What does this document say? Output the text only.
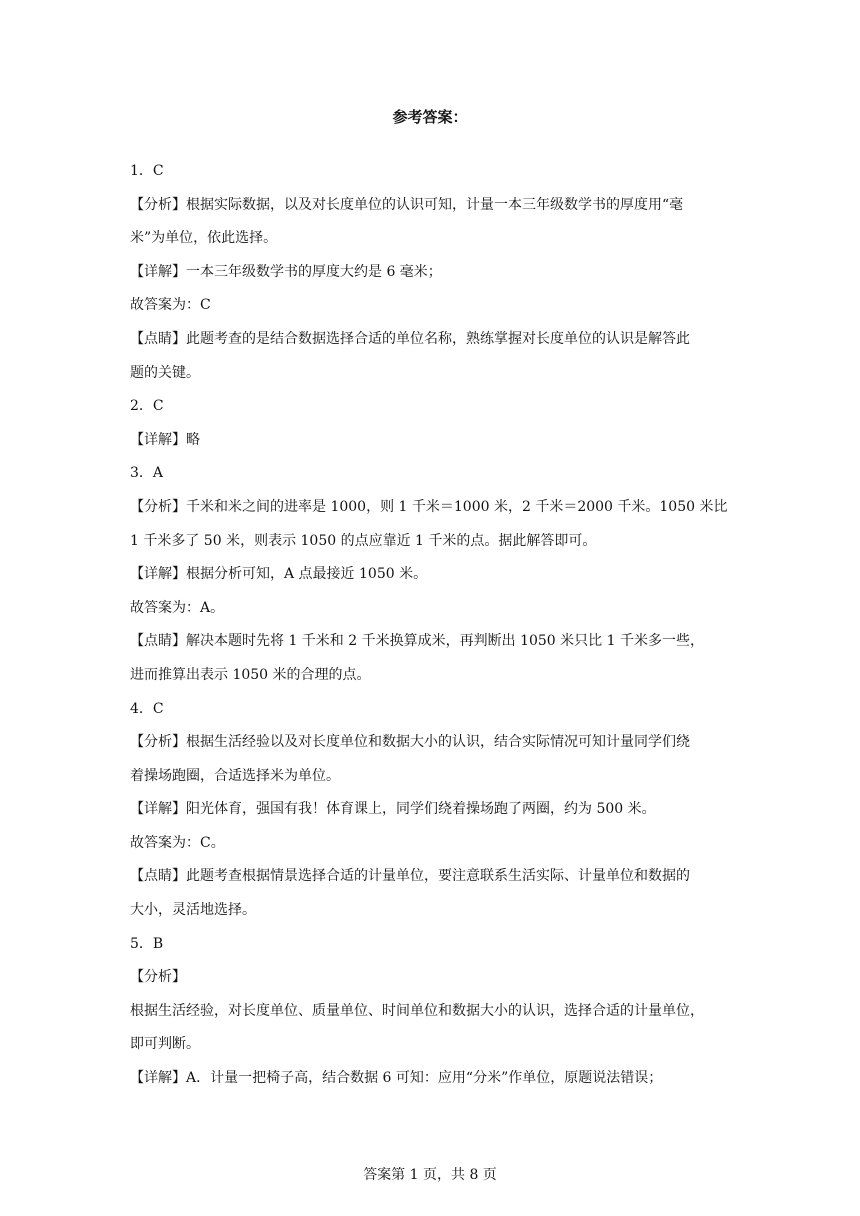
参考答案：
1．C
【分析】根据实际数据，以及对长度单位的认识可知，计量一本三年级数学书的厚度用“毫
米”为单位，依此选择。
【详解】一本三年级数学书的厚度大约是 6 毫米；
故答案为：C
【点睛】此题考查的是结合数据选择合适的单位名称，熟练掌握对长度单位的认识是解答此
题的关键。
2．C
【详解】略
3．A
【分析】千米和米之间的进率是 1000，则 1 千米＝1000 米，2 千米＝2000 千米。1050 米比
1 千米多了 50 米，则表示 1050 的点应靠近 1 千米的点。据此解答即可。
【详解】根据分析可知，A 点最接近 1050 米。
故答案为：A。
【点睛】解决本题时先将 1 千米和 2 千米换算成米，再判断出 1050 米只比 1 千米多一些，
进而推算出表示 1050 米的合理的点。
4．C
【分析】根据生活经验以及对长度单位和数据大小的认识，结合实际情况可知计量同学们绕
着操场跑圈，合适选择米为单位。
【详解】阳光体育，强国有我！体育课上，同学们绕着操场跑了两圈，约为 500 米。
故答案为：C。
【点睛】此题考查根据情景选择合适的计量单位，要注意联系生活实际、计量单位和数据的
大小，灵活地选择。
5．B
【分析】
根据生活经验，对长度单位、质量单位、时间单位和数据大小的认识，选择合适的计量单位，
即可判断。
【详解】A．计量一把椅子高，结合数据 6 可知：应用“分米”作单位，原题说法错误；
答案第 1 页，共 8 页
